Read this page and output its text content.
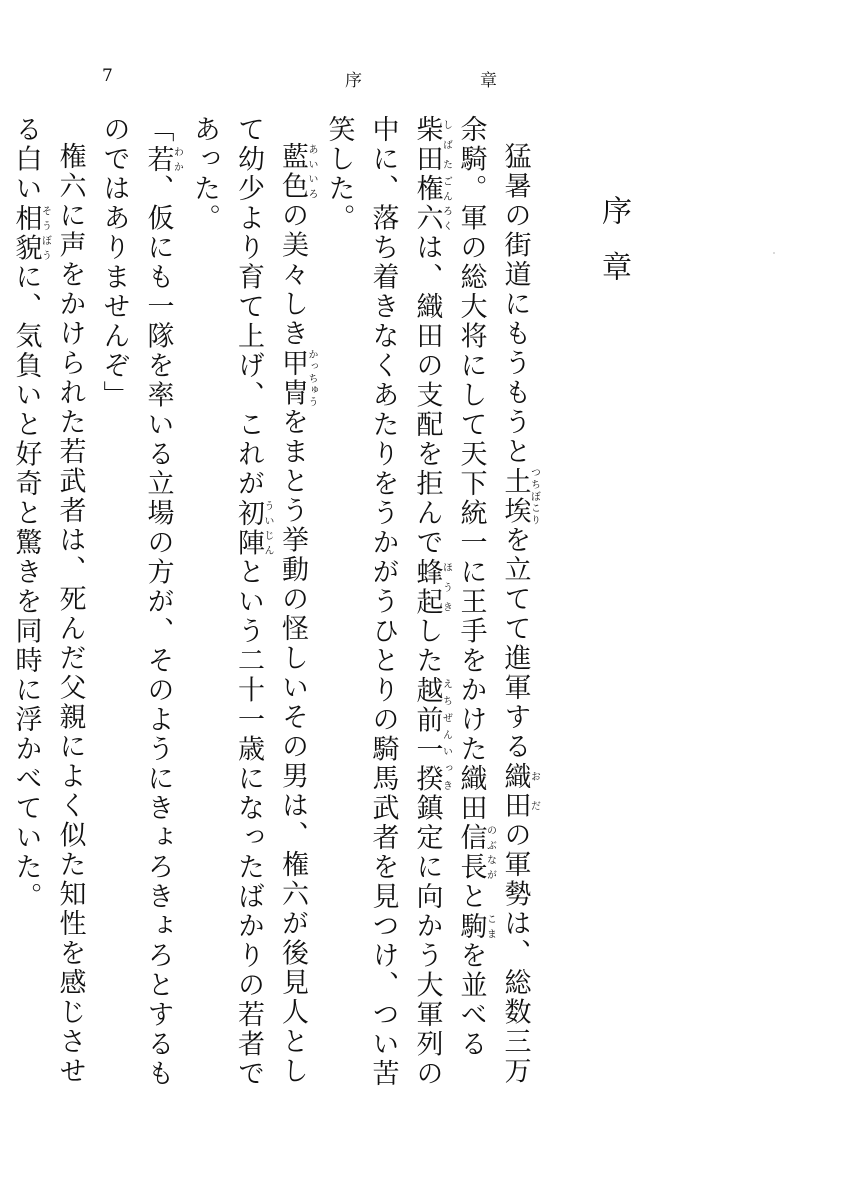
7	序章
序章

猛暑の街道にもうもうと土埃つちぼこりを立てて進軍する織お田だの軍勢は、総数三万余騎。軍の総大将にして天下統一に王手をかけた織田信長のぶながと駒こまを並べる柴田しばた権六ごんろくは、織田の支配を拒んで蜂起ほうきした越前一揆えちぜんいっき鎮定に向かう大軍列の中に、落ち着きなくあたりをうかがうひとりの騎馬武者を見つけ、つい苦笑した。

藍色あいいろの美々しき甲冑かっちゅうをまとう挙動の怪しいその男は、権六が後見人として幼少より育て上げ、これが初陣ういじんという二十一歳になったばかりの若者であった。

「若わか、仮にも一隊を率いる立場の方が、そのようにきょろきょろとするものではありませんぞ」

権六に声をかけられた若武者は、死んだ父親によく似た知性を感じさせる白い相貌そうぼうに、気負いと好奇と驚きを同時に浮かべていた。
